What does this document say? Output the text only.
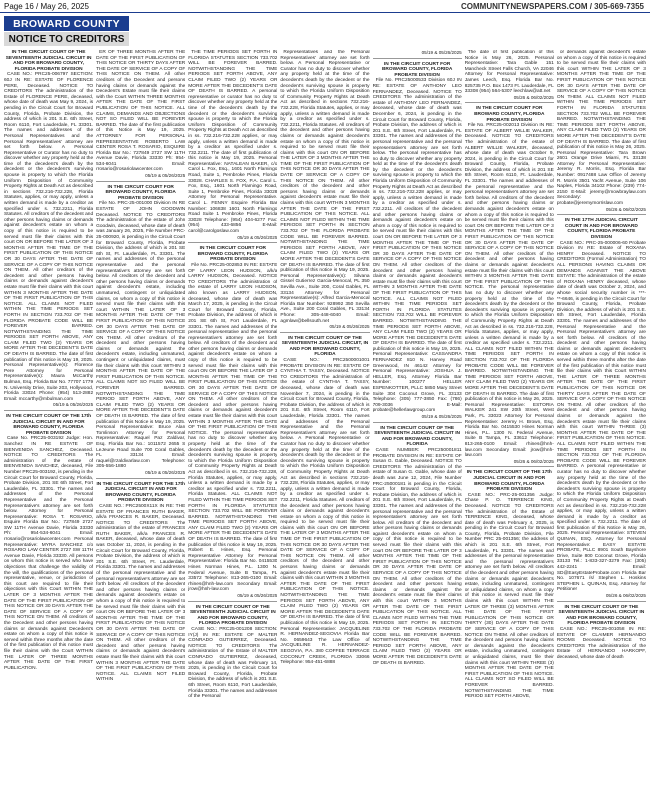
Page 16 / May 26, 2025	COMMUNITYNEWSPAPERS.COM / 305-669-7355
BROWARD COUNTY
NOTICE TO CREDITORS

IN THE CIRCUIT COURT OF THE SEVENTEENTH JUDICIAL CIRCUIT IN AND FOR BROWARD COUNTY, FLORIDA PROBATE DIVISION

CASE NO.: PRC25-006797 SECTION: 60J IN RE: ESTATE OF FLORENCE PERE, Deceased. NOTICE TO CREDITORS The administration of the Estate of FLORENCE PERE, deceased, whose date of death was May 9, 2024, is pending in the Circuit Court for Broward County, Florida, Probate Division, the address of which is 201 S.E. 6th Street, Room 6110, Fort Lauderdale, FL 33301. The names and addresses of the Personal Representatives and the Personal Representatives' attorney are set forth below. A Personal Representative or Curator has no duty to discover whether any property held at the time of the decedent's death by the decedent or the decedent's surviving spouse is property to which the Florida Uniform Disposition of Community Property Rights at Death Act as described in sections 732.216-732.228, Florida Statutes, applies, or may apply, unless a written demand is made by a creditor as specified under s. 732.2211, Florida Statutes. All creditors of the decedent and other persons having claims or demands against decedent's estate on whom a copy of this notice is required to be served must file their claims with this court ON OR BEFORE THE LATER OF 3 MONTHS AFTER THE TIME OF THE FIRST PUBLICATION OF THIS NOTICE OR 30 DAYS AFTER THE DATE OF SERVICE OF A COPY OF THIS NOTICE ON THEM. All other creditors of the decedent and other persons having claims or demands against decedent's estate must file their claims with this court WITHIN 3 MONTHS AFTER THE DATE OF THE FIRST PUBLICATION OF THIS NOTICE. ALL CLAIMS NOT FILED WITHIN THE TIME PERIODS SET FORTH IN SECTION 733.702 OF THE FLORIDA PROBATE CODE WILL BE FOREVER BARRED. NOTWITHSTANDING THE TIME PERIODS SET FORTH ABOVE, ANY CLAIM FILED TWO (2) YEARS OR MORE AFTER THE DECEDENT'S DATE OF DEATH IS BARRED. The date of first publication of this notice is May 19, 2025. Personal Representative(s): Florence Pere Attorney for Personal Representative(s): Maura McCarthy Bulman, Esq. Florida Bar No. 77707 1779 N. University Drive, Suite 203, Hollywood, Florida 33024 Phone: (954) 513-2882 Email: mccarthy@mbulman.com

05/19 & 05/26/2025

IN THE CIRCUIT COURT OF THE 17th JUDICIAL CIRCUIT IN AND FOR BROWARD COUNTY, FLORIDA PROBATE DIVISION

Case No. PRC25-003192 Judge: Hon. Sanchez IN RE ESTATE OF BIENVENIDA SANCHEZ, Deceased. NOTICE TO CREDITORS The administration of the estate of BIENVENIDA SANCHEZ, deceased, File Number PRC25-003192, is pending in the Circuit Court for Broward County, Florida, Probate Division, 201 SE 6th Street, Fort Lauderdale, FL 33301. The names and addresses of the Personal Representative and the Personal Representative's attorney are set forth below. Attorney for Personal Representative: ROSA T. ROSARIO, Esquire Florida Bar No.: 727849 2727 SW 11TH Avenue Davie, Florida 33330 Ph: 954-534-6041 Email: rrosario@rosariolawcenter.com Personal Representative: MYRA SANCHEZ c/o ROSARIO LAW CENTER 2727 SW 11TH Avenue Davie, Florida 33330. All persons on whom this notice is served who have objections that challenge the validity of the will, the qualifications of the personal representative, venue, or jurisdiction of this court are required to file their objections with this Court WITHIN THE LATER OF 3 MONTHS AFTER THE DATE OF THE FIRST PUBLICATION OF THIS NOTICE OR 30 DAYS AFTER THE DATE OF SERVICE OF A COPY OF THIS NOTICE ON THEM. All creditors of the Decedent and other persons having claims or demands against Decedent's estate on whom a copy of this notice is served within three months after the date of the first publication of this notice must file their claims with the Court WITHIN THE LATER OF THREE MONTHS AFTER THE DATE OF THE FIRST PUBLICATION.

ER OF THREE MONTHS AFTER THE DATE OF THE FIRST PUBLICATION OF THIS NOTICE OR THIRTY DAYS AFTER THE DATE OF SERVICE OF A COPY OF THIS NOTICE ON THEM. All other creditors of the Decedent and persons having claims or demands against the Decedent's Estate must file their claims with the Court WITHIN THREE MONTHS AFTER THE DATE OF THE FIRST PUBLICATION OF THIS NOTICE. ALL CLAIMS, DEMANDS AND OBJECTIONS NOT SO FILED WILL BE FOREVER BARRED. The date of the first publication of this Notice is May 19, 2025. ATTORNEY FOR PERSONAL REPRESENTATIVE ROBERTO LAW CENTER ROSA T. ROSARIO, ESQUIRE Florida Bar No.: 727849 2727 SW 11TH Avenue Davie, Florida 33330 Ph: 954-534-6041 Email: rrosario@rosariolawcenter.com

05/19 & 05/26/2025

IN THE CIRCUIT COURT FOR BROWARD COUNTY, FLORIDA PROBATE DIVISION

File No. PRC-25-001000 Division IN RE ESTATE OF JOHN GOODWIN Deceased. NOTICE TO CREDITORS The administration of the estate of John Goodwin, deceased, whose date of death was January 26, 2025, File Number PRC-25-000920, is pending in the Circuit Court for Broward County, Florida, Probate Division, the address of which is 201 SE 6th St, Ft. Lauderdale, FL 33301. The names and addresses of the personal representative and the personal representative's attorney are set forth below. All creditors of the decedent and other persons having claims or demands against decedent's estate, including unmatured, contingent or unliquidated claims, on whom a copy of this notice is served must file their claims with this court WITHIN THE LATER OF 3 MONTHS AFTER THE DATE OF THE FIRST PUBLICATION OF THIS NOTICE OR 30 DAYS AFTER THE DATE OF SERVICE OF A COPY OF THIS NOTICE ON THEM. All other creditors of the decedent and other persons having claims or demands against the decedent's estate, including unmatured, contingent or unliquidated claims, must file their claims with this court WITHIN 3 MONTHS AFTER THE DATE OF THE FIRST PUBLICATION OF THIS NOTICE. ALL CLAIMS NOT SO FILED WILL BE FOREVER BARRED. NOTWITHSTANDING THE TIME PERIOD SET FORTH ABOVE, ANY CLAIM FILED TWO (2) YEARS OR MORE AFTER THE DECEDENT'S DATE OF DEATH IS BARRED. The date of first publication of this Notice is May 19, 2025. Personal Representative: Bruce Alan Tomlinson Attorney for Personal Representative: Raquel Paz Zaldivar, Esq. Florida Bar No.: 1011572 2655 S LeJeune Road Suite 700 Coral Gables, FL 33134 Email: raquel@rzaldivarlaw.com Telephone: 305-556-1880

05/19 & 05/26/2025

IN THE CIRCUIT COURT FOR THE 17th JUDICIAL CIRCUIT IN AND FOR BROWARD COUNTY, FLORIDA PROBATE DIVISION

CASE NO.: PRC2500X11X IN RE: THE ESTATE OF FRANCES RUTH BAKER, a/k/a FRANCES R. BAKER, Deceased. NOTICE TO CREDITORS The administration of the estate of FRANCES RUTH BAKER, a/k/a FRANCES R. BAKER, deceased, whose date of death was October 11, 2024, is pending in the Circuit Court for Broward County, Florida, Probate Division, the address of which is 201 S.E. 6th Street, Ft. Lauderdale, Florida 33301. The names and addresses of the personal representative and the personal representative's attorney are set forth below. All creditors of the decedent and other persons having claims or demands against decedent's estate on whom a copy of this notice is required to be served must file their claims with this court ON OR BEFORE THE LATER OF 3 MONTHS AFTER THE TIME OF THE FIRST PUBLICATION OF THIS NOTICE OR 30 DAYS AFTER THE DATE OF SERVICE OF A COPY OF THIS NOTICE ON THEM. All other creditors of the decedent and other persons having claims or demands against decedent's estate must file their claims with this court WITHIN 3 MONTHS AFTER THE DATE OF THE FIRST PUBLICATION OF THIS NOTICE. ALL CLAIMS NOT FILED WITHIN

THE TIME PERIODS SET FORTH IN FLORIDA STATUTES SECTION 733.702 WILL BE FOREVER BARRED. NOTWITHSTANDING THE TIME PERIODS SET FORTH ABOVE, ANY CLAIM FILED TWO (2) YEARS OR MORE AFTER THE DECEDENT'S DATE OF DEATH IS BARRED. A personal representative or curator has no duty to discover whether any property held at the time of the decedent's death by the decedent or the decedent's surviving spouse is property to which the Florida Uniform Disposition of Community Property Rights at Death Act as described in ss. 732.216-732.228 applies, or may apply, unless a written demand is made by a creditor as specified under s. 732.2211. The date of first publication of this notice is May 19, 2025. Personal Representative: NATALEAN BAKER, c/o Carol L. Fox, Esq., 1601 North Flamingo Road, Suite 1, Pembroke Pines, Florida 33028. CHARLES S. FOX, P.A. Carol L. Fox, Esq., 1601 North Flamingo Road, Suite 1, Pembroke Pines, Florida 33028 Attorney for Personal Representative. Carol L. FENNY Esquire Florida Bar Number: 106838 1601 North Flamingo Road Suite 1 Pembroke Pines, Florida 33028 Telephone: (954) 404-6277 Fax: (954) 433-6856 E-Mail: carol@carolgoslaw.com

05/19 & 05/26/2025

IN THE CIRCUIT COURT FOR BROWARD COUNTY, FLORIDA PROBATE DIVISION

File No. PRC25-002853 IN RE: ESTATE OF LARRY LEON HUDSON, a/k/a LARRY HUDSON, Deceased. NOTICE TO CREDITORS The administration of the estate of LARRY LEON HUDSON, also known as LARRY HUDSON, deceased, whose date of death was March 17, 2025, is pending in the Circuit Court for Broward County, Florida, Probate Division, the address of which is 201 SE 6th St, Fort Lauderdale, FL 33301. The names and addresses of the personal representative and the personal representative's attorney are set forth below. All creditors of the decedent and other persons having claims or demands against decedent's estate on whom a copy of this notice is required to be served must file their claims with this court ON OR BEFORE THE LATER OF 3 MONTHS AFTER THE TIME OF THE FIRST PUBLICATION OF THIS NOTICE OR 30 DAYS AFTER THE DATE OF SERVICE OF A COPY OF THIS NOTICE ON THEM. All other creditors of the decedent and other persons having claims or demands against decedent's estate must file their claims with this court WITHIN 3 MONTHS AFTER THE DATE OF THE FIRST PUBLICATION OF THIS NOTICE. The personal representative has no duty to discover whether any property held at the time of the decedent's death by the decedent or the decedent's surviving spouse is property to which the Florida Uniform Disposition of Community Property Rights at Death Act as described in ss. 732.216-732.228, Florida Statutes, applies, or may apply, unless a written demand is made by a creditor as specified under s. 732.2211, Florida Statutes. ALL CLAIMS NOT FILED WITHIN THE TIME PERIODS SET FORTH IN FLORIDA STATUTES SECTION 733.702 WILL BE FOREVER BARRED. NOTWITHSTANDING THE TIME PERIODS SET FORTH ABOVE, ANY CLAIM FILED TWO (2) YEARS OR MORE AFTER THE DECEDENT'S DATE OF DEATH IS BARRED. The date of first publication of this notice is May 19, 2025. Robert E. Hines, Esq. Personal Representative Attorney for Personal Representative: Florida Bar No. 0415530 Hines Norman Hines, P.L. 1300 N. Federal Avenue, Suite B Tampa, FL 33572 Telephone: 813-265-0100 Email: rhines@hnh-law.com Secondary Email: jrow@hnh-law.com

05/19 & 05/26/2025

IN THE CIRCUIT COURT OF THE SEVENTEENTH JUDICIAL CIRCUIT IN AND FOR BROWARD COUNTY, FLORIDA PROBATE DIVISION

CASE NO.: PRC25-001208 SECTION: IY(J) IN RE: ESTATE OF MALTER CONRADO GUTIERREZ, Deceased. NOTICE TO CREDITORS The administration of the Estate of MALTER CONRADO GUTIERREZ, deceased, whose date of death was February 14, 2025, is pending in the Circuit Court for Broward County, Florida, Probate Division, the address of which is 201 S.E. 6th Street, Room 6110, Fort Lauderdale, Florida 33301. The names and addresses of the Personal

Representatives and the Personal Representatives' attorney are set forth below. A Personal Representative or Curator has no duty to discover whether any property held at the time of the decedent's death by the decedent or the decedent's surviving spouse is property to which the Florida Uniform Disposition of Community Property Rights at Death Act as described in sections 732.216-732.228, Florida Statutes, applies, or may apply, unless a written demand is made by a creditor as specified under s. 732.2211, Florida Statutes. All creditors of the decedent and other persons having claims or demands against decedent's estate on whom a copy of this notice is required to be served must file their claims with this court ON OR BEFORE THE LATER OF 3 MONTHS AFTER THE TIME OF THE FIRST PUBLICATION OF THIS NOTICE OR 30 DAYS AFTER THE DATE OF SERVICE OF A COPY OF THIS NOTICE ON THEM. All other creditors of the decedent and other persons having claims or demands against decedent's estate must file their claims with this court WITHIN 3 MONTHS AFTER THE DATE OF THE FIRST PUBLICATION OF THIS NOTICE. ALL CLAIMS NOT FILED WITHIN THE TIME PERIODS SET FORTH IN SECTION 733.702 OF THE FLORIDA PROBATE CODE WILL BE FOREVER BARRED. NOTWITHSTANDING THE TIME PERIODS SET FORTH ABOVE, ANY CLAIM FILED TWO (2) YEARS OR MORE AFTER THE DECEDENT'S DATE OF DEATH IS BARRED. The date of first publication of this notice is May 19, 2025. Personal Representative(s): Silvana Gissel Gutierrez Garcia-Menocal, PL 350 Sevilla Ave., Suite 200, Coral Gables, FL 33134 Attorney for Personal Representative(s): Alfred Garcia-Menocal Florida Bar Number: 928992 350 Sevilla Ave., Suite 200 Coral Gables, FL 33134 Phone: 305-448-6040 Email: agmlaw@bellsouth.net

05/19 & 05/26/2025

IN THE CIRCUIT COURT OF THE SEVENTEENTH JUDICIAL CIRCUIT, IN AND FOR BROWARD COUNTY, FLORIDA

CASE NO.: PRC2500001001 PROBATE DIVISION IN RE: ESTATE OF CYNTHIA T. TASSY, Deceased. NOTICE TO CREDITORS The administration of the estate of CYNTHIA T. TASSY, deceased, whose date of death was November 7, 2024, is pending in the Circuit Court for Broward County, Florida, Probate Division, the address of which is 201 S.E. 6th Street, Room 6110, Fort Lauderdale, Florida 33301. The names and addresses of the Personal Representative and the Personal Representative's attorney are set forth below. A Personal Representative or Curator has no duty to discover whether any property held at the time of the decedent's death by the decedent or the decedent's surviving spouse is property to which the Florida Uniform Disposition of Community Property Rights at Death Act as described in sections 732.216-732.228, Florida Statutes, applies, or may apply, unless a written demand is made by a creditor as specified under s. 732.2211, Florida Statutes. All creditors of the decedent and other persons having claims or demands against decedent's estate on whom a copy of this notice is required to be served must file their claims with this court ON OR BEFORE THE LATER OF 3 MONTHS AFTER THE TIME OF THE FIRST PUBLICATION OF THIS NOTICE OR 30 DAYS AFTER THE DATE OF SERVICE OF A COPY OF THIS NOTICE ON THEM. All other creditors of the decedent and other persons having claims or demands against decedent's estate must file their claims with this court WITHIN 3 MONTHS AFTER THE DATE OF THE FIRST PUBLICATION OF THIS NOTICE. NOTWITHSTANDING THE TIME PERIODS SET FORTH ABOVE, ANY CLAIM FILED TWO (2) YEARS OR MORE AFTER THE DECEDENT'S DATE OF DEATH IS BARRED. The date of first publication of this notice is May 19, 2025. Personal Representative: JACQUELINE R. HERNANDEZ-SEGOVIA Florida Bar No. 0659643 The Law Office of JACQUELINE R. HERNANDEZ-SEGOVIA, P.A. 380 COFFEE TERRACE COCONUT CREEK, FLORIDA 33066 Telephone: 954-451-6888

05/19 & 05/26/2025

IN THE CIRCUIT COURT FOR BROWARD COUNTY, FLORIDA PROBATE DIVISION

File No. PRC25000533 Division 60J IN RE: ESTATE OF ANTHONY LEO FERNANDEZ, Deceased. NOTICE TO CREDITORS The administration of the estate of ANTHONY LEO FERNANDEZ, deceased, whose date of death was December 6, 2024, is pending in the Circuit Court for Broward County, Florida, Probate Division, the address of which is 201 S.E. 6th Street, Fort Lauderdale, FL 33301. The names and addresses of the personal representative and the personal representative's attorney are set forth below. The personal representative has no duty to discover whether any property held at the time of the decedent's death by the decedent or the decedent's surviving spouse is property to which the Florida Uniform Disposition of Community Property Rights at Death Act as described in ss. 732.216-732.228 applies, or may apply, unless a written demand is made by a creditor as specified under s. 732.2211. All creditors of the decedent and other persons having claims or demands against decedent's estate on whom a copy of this notice is required to be served must file their claims with this court ON OR BEFORE THE LATER OF 3 MONTHS AFTER THE TIME OF THE FIRST PUBLICATION OF THIS NOTICE OR 30 DAYS AFTER THE DATE OF SERVICE OF A COPY OF THIS NOTICE ON THEM. All other creditors of the decedent and other persons having claims or demands against decedent's estate must file their claims with this court WITHIN 3 MONTHS AFTER THE DATE OF THE FIRST PUBLICATION OF THIS NOTICE. ALL CLAIMS NOT FILED WITHIN THE TIME PERIODS SET FORTH IN FLORIDA STATUTES SECTION 733.702 WILL BE FOREVER BARRED. NOTWITHSTANDING THE TIME PERIODS SET FORTH ABOVE, ANY CLAIM FILED TWO (2) YEARS OR MORE AFTER THE DECEDENT'S DATE OF DEATH IS BARRED. The date of first publication of this notice is May 19, 2025. Personal Representative: CASSANDRA FERNANDEZ 810 N. Harvey Road Greenwood, IN 46142 Attorney for Personal Representative: JOSHUA J. HELLER, Esq. Attorney Florida Bar Number: 100277 HELLER ESPENKOTTER, PLLC 5850 Mary Street Suite 304 Coconut Grove, FL 33133 Telephone: (305) 777-3850 Fax: (786) 709-3036 E-Mail: probate@hellerlawgroup.com

05/19 & 05/26/2025

IN THE CIRCUIT COURT OF THE SEVENTEENTH JUDICIAL CIRCUIT IN AND FOR BROWARD COUNTY, FLORIDA

CASE NUMBER: PRC250001811 PROBATE DIVISION IN RE: ESTATE OF Susan G. Gable, Deceased. NOTICE TO CREDITORS The administration of the estate of Susan G. Gable, whose date of death was June 12, 2024, File Number PRC-25000181 is pending in the Circuit Court for Broward County, Florida, Probate Division, the address of which is 201 S.E. 6th Street, Fort Lauderdale, FL 33301. The names and addresses of the personal representative and the personal representative's attorney are set forth below. All creditors of the decedent and other persons having claims or demands against decedent's estate on whom a copy of this notice is required to be served must file their claims with this court ON OR BEFORE THE LATER OF 3 MONTHS AFTER THE TIME OF THE FIRST PUBLICATION OF THIS NOTICE OR 30 DAYS AFTER THE DATE OF SERVICE OF A COPY OF THIS NOTICE ON THEM. All other creditors of the decedent and other persons having claims or demands against the decedent's estate must file their claims with this court WITHIN 3 MONTHS AFTER THE DATE OF THE FIRST PUBLICATION OF THIS NOTICE. ALL CLAIMS NOT FILED WITHIN THE TIME PERIODS SET FORTH IN SECTION 733.702 OF THE FLORIDA PROBATE CODE WILL BE FOREVER BARRED. NOTWITHSTANDING THE TIME PERIOD SET FORTH ABOVE, ANY CLAIM FILED TWO (2) YEARS OR MORE AFTER THE DECEDENT'S DATE OF DEATH IS BARRED.

The date of first publication of this Notice is May 26, 2025. Personal Representative: Tara Gable 151 Mancheck Street Falls Church, VA 22046 Attorney for Personal Representative: James Leech, Esq. Florida Bar No. 825735 P.O. Box 1473 Ft. Lauderdale, FL 33308 (954) 564-5307 leechlaw@att.net

05/26 & 06/02/2025

IN THE CIRCUIT COURT FOR BROWARD COUNTY, FLORIDA PROBATE DIVISION

File No. PRC25-002013 Division IN RE: ESTATE OF ALBERT WILLIE WALKER, Deceased. NOTICE TO CREDITORS The administration of the estate of ALBERT WILLIE WALKER, deceased, whose date of death was October 9, 2024, is pending in the Circuit Court for Broward County, Florida, Probate Division, the address of which is 201 SE 6th Street, Room 6110, Ft. Lauderdale, FL 33301. The names and addresses of the personal representative and the personal representative's attorney are set forth below. All creditors of the decedent and other persons having claims or demands against decedent's estate on whom a copy of this notice is required to be served must file their claims with this court ON OR BEFORE THE LATER OF 3 MONTHS AFTER THE TIME OF THE FIRST PUBLICATION OF THIS NOTICE OR 30 DAYS AFTER THE DATE OF SERVICE OF A COPY OF THIS NOTICE ON THEM. All other creditors of the decedent and other persons having claims or demands against decedent's estate must file their claims with this court WITHIN 3 MONTHS AFTER THE DATE OF THE FIRST PUBLICATION OF THIS NOTICE. The personal representative has no duty to discover whether any property held at the time of the decedent's death by the decedent or the decedent's surviving spouse is property to which the Florida Uniform Disposition of Community Property Rights at Death Act as described in ss. 732.216-732.228, Florida Statutes, applies, or may apply, unless a written demand is made by a creditor as specified under s. 732.2211. ALL CLAIMS NOT FILED WITHIN THE TIME PERIODS SET FORTH IN SECTION 733.702 OF THE FLORIDA PROBATE CODE WILL BE FOREVER BARRED. NOTWITHSTANDING THE TIME PERIODS SET FORTH ABOVE, ANY CLAIM FILED TWO (2) YEARS OR MORE AFTER THE DECEDENT'S DATE OF DEATH IS BARRED. The date of first publication of this notice is May 26, 2025. Personal Representative: ESTORIA WALKER 241 SW 20th Street, West Park, FL 33023 Attorney for Personal Representative: Jeremy H. Brown, Esq. Florida Bar No. 0415530 Hines Norman Hines, P.L. 1300 N. Federal Avenue, Suite B Tampa, FL 33612 Telephone: 813-265-0100 Email: rhines@hnh-law.com Secondary Email: jrow@hnh-law.com

05/26 & 06/02/2025

IN THE CIRCUIT COURT OF THE 17th JUDICIAL CIRCUIT IN AND FOR BROWARD COUNTY, FLORIDA PROBATE DIVISION

CASE NO.: PRC-25-001356 Judge: Chase P. O. TERRENCE KING, Deceased. NOTICE TO CREDITORS The administration of the Estate of TERRENCE KING, deceased, whose date of death was February 4, 2025, is pending in the Circuit Court for Broward County, Florida, Probate Division, File Number PRC 25-001356; the address of which is 201 S.E. 6th Street, Fort Lauderdale, FL 33301. The names and addresses of the personal representative and the personal representative's attorney are set forth below. All creditors of the decedent and other persons having claims or demands against decedent's estate, including unmatured, contingent or unliquidated claims, on whom a copy of this notice is served must file their claims with this court WITHIN THE LATER OF THREE (3) MONTHS AFTER THE DATE OF THE FIRST PUBLICATION OF THIS NOTICE OR THIRTY (30) DAYS AFTER THE DATE OF SERVICE OF A COPY OF THIS NOTICE ON THEM. All other creditors of the decedent and persons having claims or demands against the decedent's estate, including unmatured, contingent or unliquidated claims, must file their claims with this court WITHIN THREE (3) MONTHS AFTER THE DATE OF THE FIRST PUBLICATION OF THIS NOTICE. ALL CLAIMS NOT SO FILED WILL BE FOREVER BARRED. NOTWITHSTANDING THE TIME PERIOD SET FORTH ABOVE,

or demands against decedent's estate on whom a copy of this notice is required to be served must file their claims with this court WITHIN THE LATER OF 3 MONTHS AFTER THE TIME OF THE FIRST PUBLICATION OF THIS NOTICE OR 30 DAYS AFTER THE DATE OF SERVICE OF A COPY OF THIS NOTICE ON THEM. ALL CLAIMS NOT FILED WITHIN THE TIME PERIODS SET FORTH IN FLORIDA STATUTES SECTION 733.702 WILL BE FOREVER BARRED. NOTWITHSTANDING THE TIME PERIODS SET FORTH ABOVE, ANY CLAIM FILED TWO (2) YEARS OR MORE AFTER THE DECEDENT'S DATE OF DEATH IS BARRED. The date of first publication of this notice is May 26, 2025. Personal Representative: Tara Brown 2601 Orange Drive Miami, FL 33138 Attorney for Personal Representative: Jeremy R. Morris, Esq. Florida Bar Number: 0917488 Law Office of Jeremy R. Morris 3501 Yacht Avenue, Suite 106 Naples, Florida 34102 Phone: (239) 774-2150 E-Mail: jeremy@mowbraylaw.com Secondary: probate@jeremymorrislaw.com

05/26 & 06/02/2025

IN THE 17TH JUDICIAL CIRCUIT COURT IN AND FOR BROWARD COUNTY, FLORIDA PROBATE DIVISION

CASE NO.: PRC-25-000006-60 Probate Division IN RE: Estate of ROXANA HENRY Deceased. NOTICE TO CREDITORS (Formal Administration) TO ALL PERSONS HAVING CLAIMS OR DEMANDS AGAINST THE ABOVE ESTATE: The administration of the estate of ROXANA HENRY deceased, whose date of death was October 2, 2024, and whose social security number is ***-**-6646, is pending in the Circuit Court for Broward County, Florida, Probate Division, the address of which is 201 S.E. 6th Street, Fort Lauderdale, Florida 33301. The names and addresses of the Personal Representative and the Personal Representative's attorney are set forth below. All creditors of the decedent and other persons having claims or demands against decedent's estate on whom a copy of this notice is served within three months after the date of the first publication of this notice must file their claims with this Court WITHIN THE LATER OF THREE MONTHS AFTER THE DATE OF THE FIRST PUBLICATION OF THIS NOTICE OR THIRTY DAYS AFTER THE DATE OF SERVICE OF A COPY OF THIS NOTICE ON THEM. All other creditors of the decedent and other persons having claims or demands against the decedent's estate must file their claims with this court WITHIN THREE (3) MONTHS AFTER THE DATE OF THE FIRST PUBLICATION OF THIS NOTICE. ALL CLAIMS NOT FILED WITHIN THE TIME PERIODS SET FORTH IN SECTION 733.702 OF THE FLORIDA PROBATE CODE WILL BE FOREVER BARRED. A personal representative or curator has no duty to discover whether any property held at the time of the decedent's death by the decedent or the decedent's surviving spouse is property to which the Florida Uniform Disposition of Community Property Rights at Death Act as described in ss. 732.216-732.228 applies, or may apply, unless a written demand is made by a creditor as specified under s. 732.2211. The date of first publication of this Notice is May 26, 2025. Personal Representative: STEVEN QUINAN, ESQ. Attorney for Personal Representative: EASY ESTATE PROBATE, PLLC 8901 South Bayshore Drive, Suite 800 Coconut Grove, Florida 33133 Tel.: 1-833-327-3279 Fax: (305) 442-2241 Email: SD@EasyEstateProbate.com Florida Bar No. 107671 /s/ Stephen L. Hoskins STEPHEN L. QUINAN, Esq. Attorney for Petitioner

05/26 & 06/02/2025

IN THE CIRCUIT COURT OF THE SEVENTEENTH JUDICIAL CIRCUIT IN AND FOR BROWARD COUNTY, FLORIDA PROBATE DIVISION

CASE NO.: PRC25-001058 IN RE: ESTATE OF CLAIMER HERNANDO ROOMS Deceased. NOTICE TO CREDITORS The administration of the Estate of HERNANDO HARKOPF, deceased, whose date of death
